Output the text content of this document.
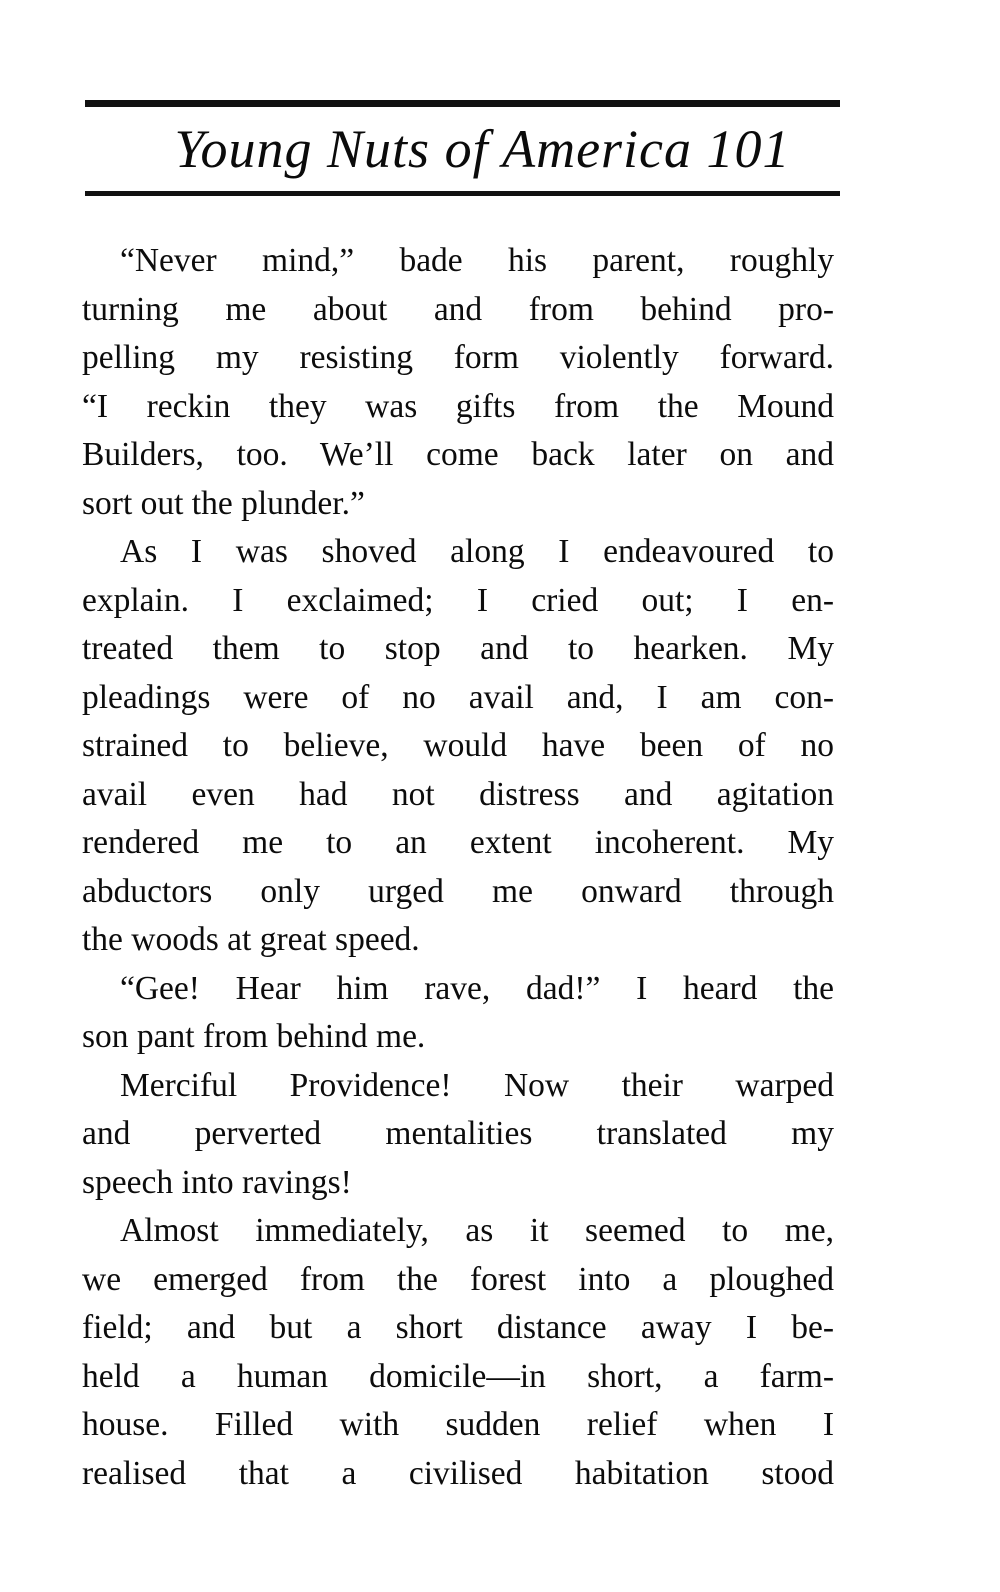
Young Nuts of America 101

“Never mind,” bade his parent, roughly
turning me about and from behind pro-
pelling my resisting form violently forward.
“I reckin they was gifts from the Mound
Builders, too. We’ll come back later on and
sort out the plunder.”

As I was shoved along I endeavoured to
explain. I exclaimed; I cried out; I en-
treated them to stop and to hearken. My
pleadings were of no avail and, I am con-
strained to believe, would have been of no
avail even had not distress and agitation
rendered me to an extent incoherent. My
abductors only urged me onward through
the woods at great speed.

“Gee! Hear him rave, dad!” I heard the
son pant from behind me.

Merciful Providence! Now their warped
and perverted mentalities translated my
speech into ravings!

Almost immediately, as it seemed to me,
we emerged from the forest into a ploughed
field; and but a short distance away I be-
held a human domicile—in short, a farm-
house. Filled with sudden relief when I
realised that a civilised habitation stood
